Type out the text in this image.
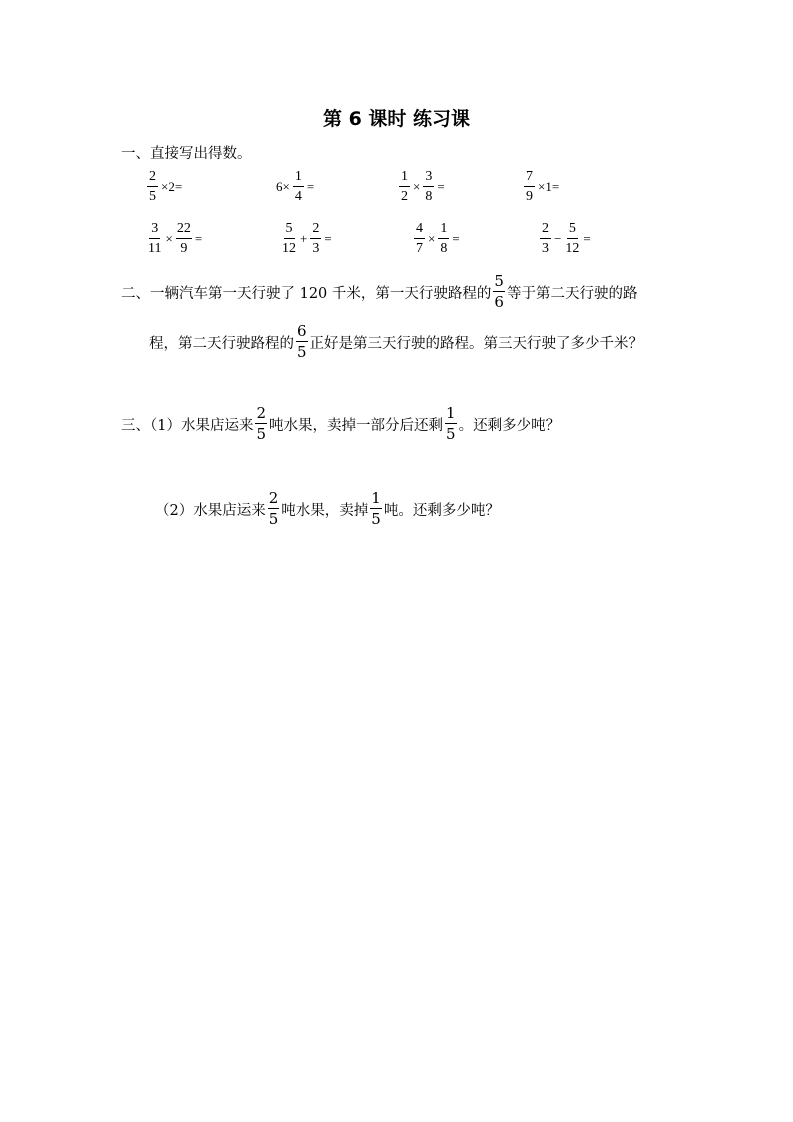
第 6 课时 练习课
一、直接写出得数。
$\frac{2}{5} \times 2=$	$6\times \frac{1}{4}$ =	$\frac{1}{2} \times \frac{3}{8}$ =	$\frac{7}{9} \times 1=$
$\frac{3}{11} \times \frac{22}{9}$ =	$\frac{5}{12} + \frac{2}{3}$ =	$\frac{4}{7} \times \frac{1}{8}$ =	$\frac{2}{3} - \frac{5}{12}$ =
二、一辆汽车第一天行驶了 120 千米，第一天行驶路程的 $\frac{5}{6}$ 等于第二天行驶的路
程，第二天行驶路程的 $\frac{6}{5}$ 正好是第三天行驶的路程。第三天行驶了多少千米？
三、（1）水果店运来 $\frac{2}{5}$ 吨水果，卖掉一部分后还剩 $\frac{1}{5}$ 。还剩多少吨？
（2）水果店运来 $\frac{2}{5}$ 吨水果，卖掉 $\frac{1}{5}$ 吨。还剩多少吨？
